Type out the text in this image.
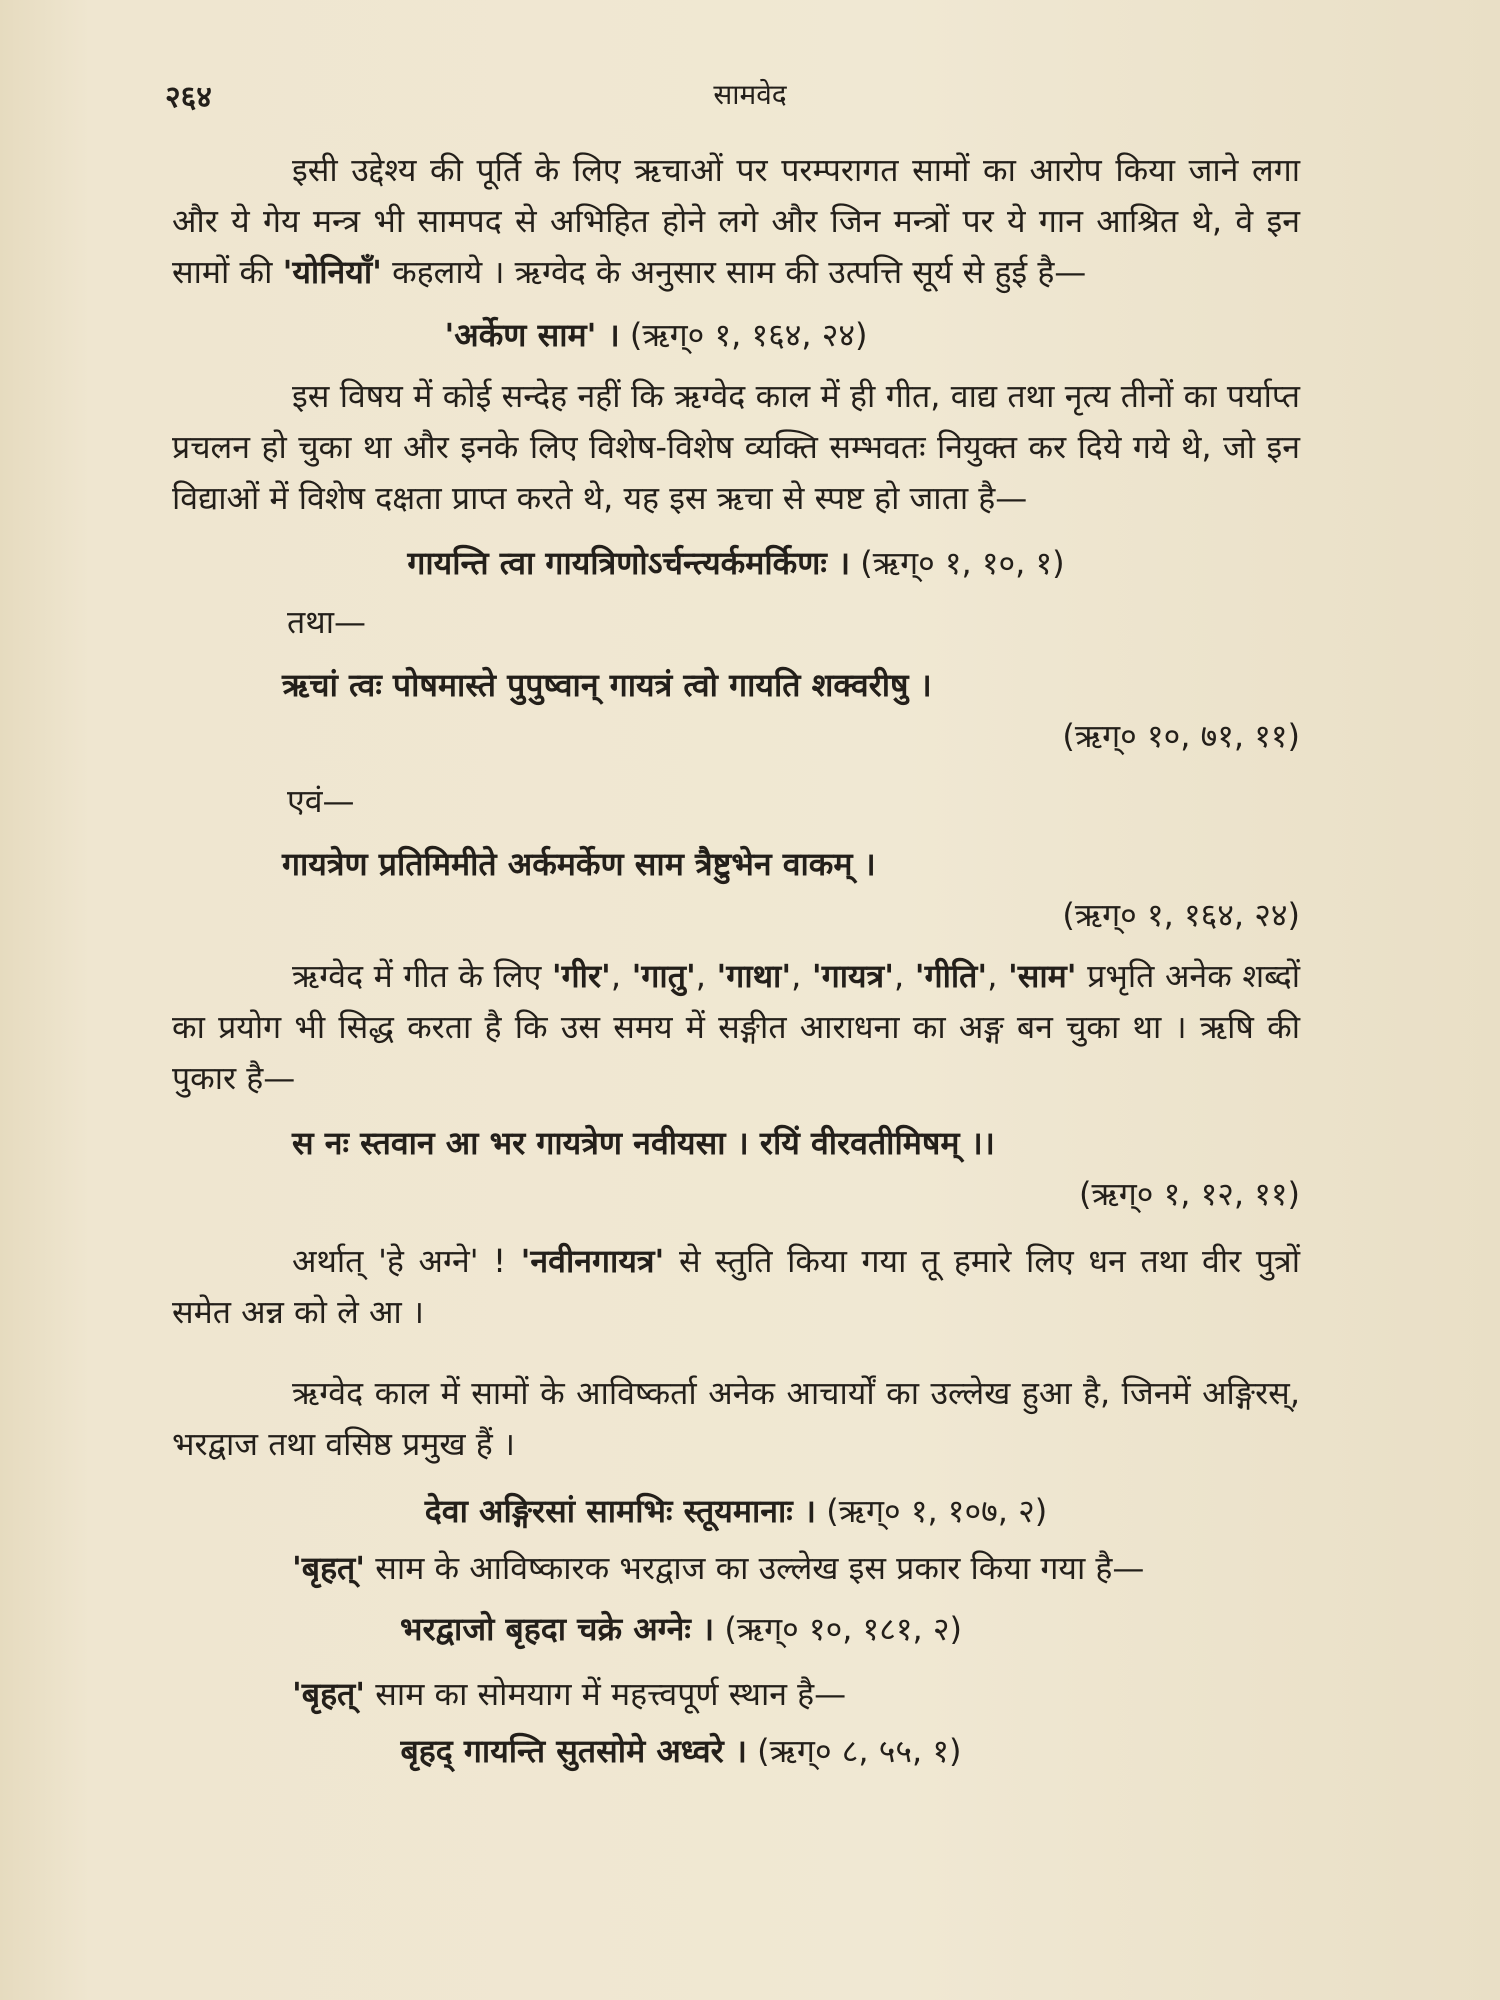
२६४	सामवेद

इसी उद्देश्य की पूर्ति के लिए ऋचाओं पर परम्परागत सामों का आरोप किया जाने लगा और ये गेय मन्त्र भी सामपद से अभिहित होने लगे और जिन मन्त्रों पर ये गान आश्रित थे, वे इन सामों की 'योनियाँ' कहलाये । ऋग्वेद के अनुसार साम की उत्पत्ति सूर्य से हुई है—

'अर्केण साम' । (ऋग्० १, १६४, २४)

इस विषय में कोई सन्देह नहीं कि ऋग्वेद काल में ही गीत, वाद्य तथा नृत्य तीनों का पर्याप्त प्रचलन हो चुका था और इनके लिए विशेष-विशेष व्यक्ति सम्भवतः नियुक्त कर दिये गये थे, जो इन विद्याओं में विशेष दक्षता प्राप्त करते थे, यह इस ऋचा से स्पष्ट हो जाता है—

गायन्ति त्वा गायत्रिणोऽर्चन्त्यर्कमर्किणः । (ऋग्० १, १०, १)
तथा—
ऋचां त्वः पोषमास्ते पुपुष्वान् गायत्रं त्वो गायति शक्वरीषु ।
(ऋग्० १०, ७१, ११)
एवं—
गायत्रेण प्रतिमिमीते अर्कमर्केण साम त्रैष्टुभेन वाकम् ।
(ऋग्० १, १६४, २४)

ऋग्वेद में गीत के लिए 'गीर', 'गातु', 'गाथा', 'गायत्र', 'गीति', 'साम' प्रभृति अनेक शब्दों का प्रयोग भी सिद्ध करता है कि उस समय में सङ्गीत आराधना का अङ्ग बन चुका था । ऋषि की पुकार है—

स नः स्तवान आ भर गायत्रेण नवीयसा । रयिं वीरवतीमिषम् ।।
(ऋग्० १, १२, ११)

अर्थात् 'हे अग्ने' ! 'नवीनगायत्र' से स्तुति किया गया तू हमारे लिए धन तथा वीर पुत्रों समेत अन्न को ले आ ।

ऋग्वेद काल में सामों के आविष्कर्ता अनेक आचार्यों का उल्लेख हुआ है, जिनमें अङ्गिरस्, भरद्वाज तथा वसिष्ठ प्रमुख हैं ।

देवा अङ्गिरसां सामभिः स्तूयमानाः । (ऋग्० १, १०७, २)

'बृहत्' साम के आविष्कारक भरद्वाज का उल्लेख इस प्रकार किया गया है—

भरद्वाजो बृहदा चक्रे अग्नेः । (ऋग्० १०, १८१, २)

'बृहत्' साम का सोमयाग में महत्त्वपूर्ण स्थान है—

बृहद् गायन्ति सुतसोमे अध्वरे । (ऋग्० ८, ५५, १)
